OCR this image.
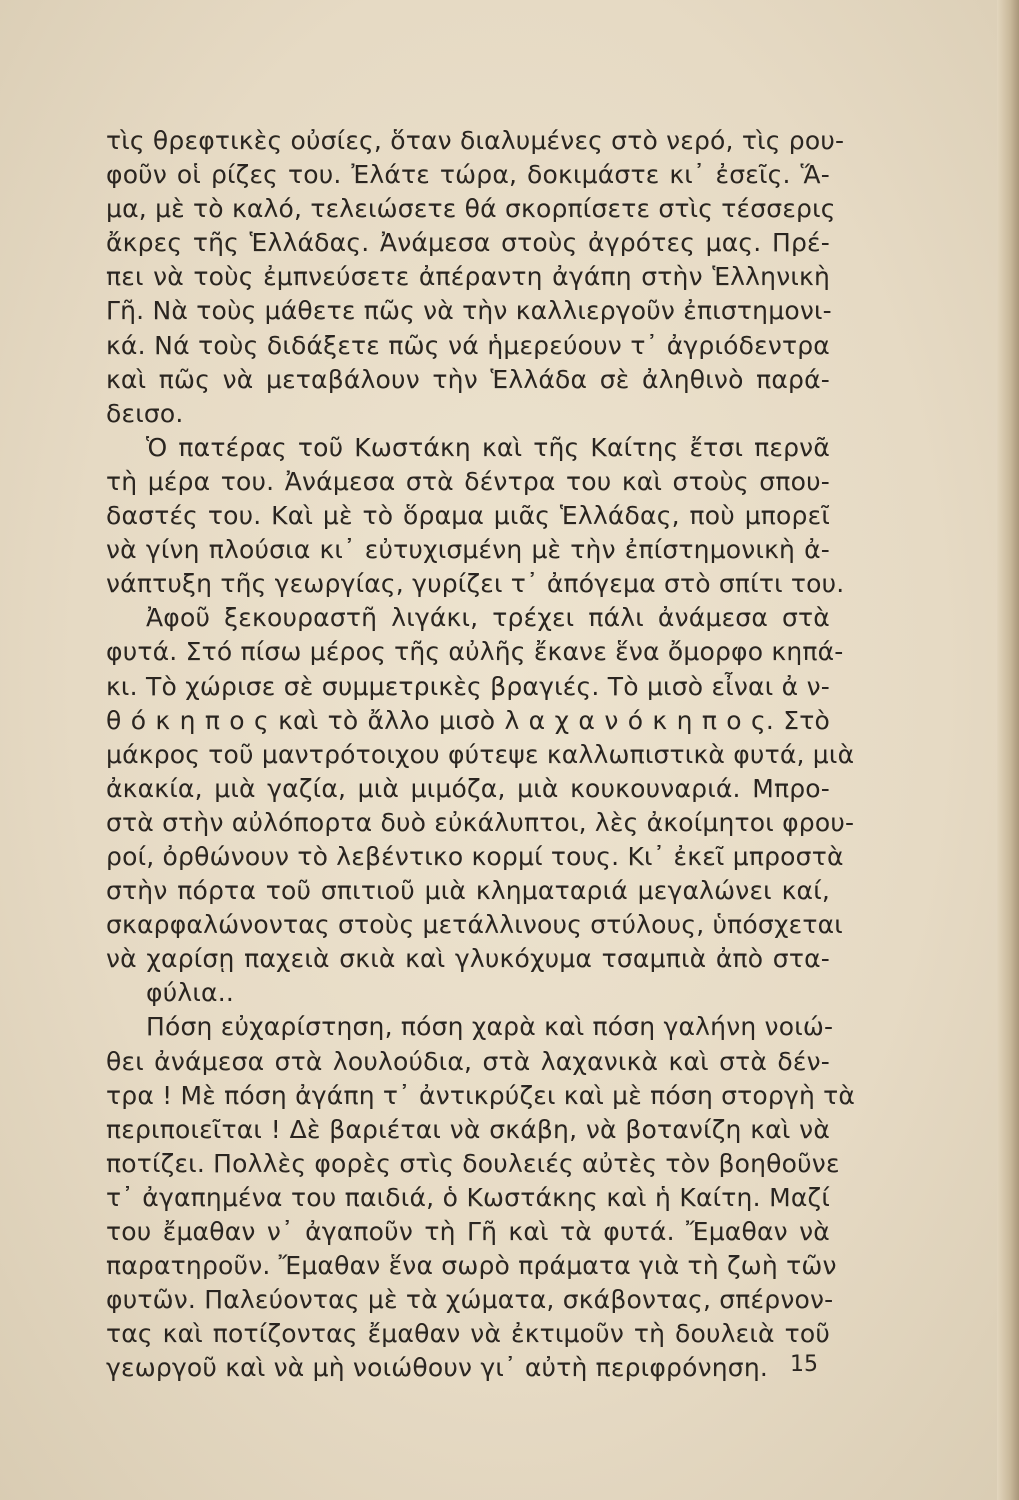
τὶς θρεφτικὲς οὐσίες, ὅταν διαλυμένες στὸ νερό, τὶς ρου-
φοῦν οἱ ρίζες του. Ἐλάτε τώρα, δοκιμάστε κι᾿ ἐσεῖς. Ἅ-
μα, μὲ τὸ καλό, τελειώσετε θά σκορπίσετε στὶς τέσσερις
ἄκρες τῆς Ἑλλάδας. Ἀνάμεσα στοὺς ἀγρότες μας. Πρέ-
πει νὰ τοὺς ἐμπνεύσετε ἀπέραντη ἀγάπη στὴν Ἑλληνικὴ
Γῆ. Νὰ τοὺς μάθετε πῶς νὰ τὴν καλλιεργοῦν ἐπιστημονι-
κά. Νά τοὺς διδάξετε πῶς νά ἡμερεύουν τ᾿ ἀγριόδεντρα
καὶ πῶς νὰ μεταβάλουν τὴν Ἑλλάδα σὲ ἀληθινὸ παρά-
δεισο.
Ὁ πατέρας τοῦ Κωστάκη καὶ τῆς Καίτης ἔτσι περνᾶ
τὴ μέρα του. Ἀνάμεσα στὰ δέντρα του καὶ στοὺς σπου-
δαστές του. Καὶ μὲ τὸ ὅραμα μιᾶς Ἑλλάδας, ποὺ μπορεῖ
νὰ γίνη πλούσια κι᾿ εὐτυχισμένη μὲ τὴν ἐπίστημονικὴ ἀ-
νάπτυξη τῆς γεωργίας, γυρίζει τ᾿ ἀπόγεμα στὸ σπίτι του.
Ἀφοῦ ξεκουραστῆ λιγάκι, τρέχει πάλι ἀνάμεσα στὰ
φυτά. Στό πίσω μέρος τῆς αὐλῆς ἔκανε ἕνα ὄμορφο κηπά-
κι. Τὸ χώρισε σὲ συμμετρικὲς βραγιές. Τὸ μισὸ εἶναι ἀ ν-
θ ό κ η π ο ς καὶ τὸ ἄλλο μισὸ λ α χ α ν ό κ η π ο ς. Στὸ
μάκρος τοῦ μαντρότοιχου φύτεψε καλλωπιστικὰ φυτά, μιὰ
ἀκακία, μιὰ γαζία, μιὰ μιμόζα, μιὰ κουκουναριά. Μπρο-
στὰ στὴν αὐλόπορτα δυὸ εὐκάλυπτοι, λὲς ἀκοίμητοι φρου-
ροί, ὀρθώνουν τὸ λεβέντικο κορμί τους. Κι᾿ ἐκεῖ μπροστὰ
στὴν πόρτα τοῦ σπιτιοῦ μιὰ κληματαριά μεγαλώνει καί,
σκαρφαλώνοντας στοὺς μετάλλινους στύλους, ὑπόσχεται
νὰ χαρίσῃ παχειὰ σκιὰ καὶ γλυκόχυμα τσαμπιὰ ἀπὸ στα-
φύλια..
Πόση εὐχαρίστηση, πόση χαρὰ καὶ πόση γαλήνη νοιώ-
θει ἀνάμεσα στὰ λουλούδια, στὰ λαχανικὰ καὶ στὰ δέν-
τρα ! Μὲ πόση ἀγάπη τ᾿ ἀντικρύζει καὶ μὲ πόση στοργὴ τὰ
περιποιεῖται ! Δὲ βαριέται νὰ σκάβη, νὰ βοτανίζη καὶ νὰ
ποτίζει. Πολλὲς φορὲς στὶς δουλειές αὐτὲς τὸν βοηθοῦνε
τ᾿ ἀγαπημένα του παιδιά, ὁ Κωστάκης καὶ ἡ Καίτη. Μαζί
του ἔμαθαν ν᾿ ἀγαποῦν τὴ Γῆ καὶ τὰ φυτά. Ἔμαθαν νὰ
παρατηροῦν. Ἔμαθαν ἕνα σωρὸ πράματα γιὰ τὴ ζωὴ τῶν
φυτῶν. Παλεύοντας μὲ τὰ χώματα, σκάβοντας, σπέρνον-
τας καὶ ποτίζοντας ἔμαθαν νὰ ἐκτιμοῦν τὴ δουλειὰ τοῦ
γεωργοῦ καὶ νὰ μὴ νοιώθουν γι᾿ αὐτὴ περιφρόνηση. 15
